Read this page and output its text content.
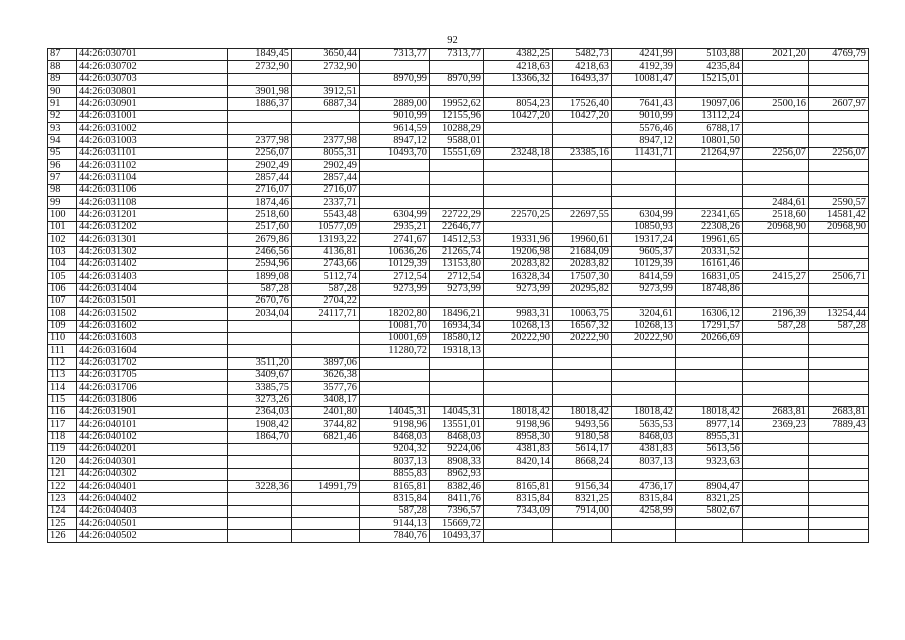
92
87	44:26:030701	1849,45	3650,44	7313,77	7313,77	4382,25	5482,73	4241,99	5103,88	2021,20	4769,79
88	44:26:030702	2732,90	2732,90			4218,63	4218,63	4192,39	4235,84		
89	44:26:030703			8970,99	8970,99	13366,32	16493,37	10081,47	15215,01		
90	44:26:030801	3901,98	3912,51								
91	44:26:030901	1886,37	6887,34	2889,00	19952,62	8054,23	17526,40	7641,43	19097,06	2500,16	2607,97
92	44:26:031001			9010,99	12155,96	10427,20	10427,20	9010,99	13112,24		
93	44:26:031002			9614,59	10288,29			5576,46	6788,17		
94	44:26:031003	2377,98	2377,98	8947,12	9588,01			8947,12	10801,50		
95	44:26:031101	2256,07	8055,31	10493,70	15551,69	23248,18	23385,16	11431,71	21264,97	2256,07	2256,07
96	44:26:031102	2902,49	2902,49								
97	44:26:031104	2857,44	2857,44								
98	44:26:031106	2716,07	2716,07								
99	44:26:031108	1874,46	2337,71							2484,61	2590,57
100	44:26:031201	2518,60	5543,48	6304,99	22722,29	22570,25	22697,55	6304,99	22341,65	2518,60	14581,42
101	44:26:031202	2517,60	10577,09	2935,21	22646,77			10850,93	22308,26	20968,90	20968,90
102	44:26:031301	2679,86	13193,22	2741,67	14512,53	19331,96	19960,61	19317,24	19961,65		
103	44:26:031302	2466,56	4136,81	10636,26	21265,74	19206,98	21684,09	9605,37	20331,52		
104	44:26:031402	2594,96	2743,66	10129,39	13153,80	20283,82	20283,82	10129,39	16161,46		
105	44:26:031403	1899,08	5112,74	2712,54	2712,54	16328,34	17507,30	8414,59	16831,05	2415,27	2506,71
106	44:26:031404	587,28	587,28	9273,99	9273,99	9273,99	20295,82	9273,99	18748,86		
107	44:26:031501	2670,76	2704,22								
108	44:26:031502	2034,04	24117,71	18202,80	18496,21	9983,31	10063,75	3204,61	16306,12	2196,39	13254,44
109	44:26:031602			10081,70	16934,34	10268,13	16567,32	10268,13	17291,57	587,28	587,28
110	44:26:031603			10001,69	18580,12	20222,90	20222,90	20222,90	20266,69		
111	44:26:031604			11280,72	19318,13						
112	44:26:031702	3511,20	3897,06								
113	44:26:031705	3409,67	3626,38								
114	44:26:031706	3385,75	3577,76								
115	44:26:031806	3273,26	3408,17								
116	44:26:031901	2364,03	2401,80	14045,31	14045,31	18018,42	18018,42	18018,42	18018,42	2683,81	2683,81
117	44:26:040101	1908,42	3744,82	9198,96	13551,01	9198,96	9493,56	5635,53	8977,14	2369,23	7889,43
118	44:26:040102	1864,70	6821,46	8468,03	8468,03	8958,30	9180,58	8468,03	8955,31		
119	44:26:040201			9204,32	9224,06	4381,83	5614,17	4381,83	5613,56		
120	44:26:040301			8037,13	8908,33	8420,14	8668,24	8037,13	9323,63		
121	44:26:040302			8855,83	8962,93						
122	44:26:040401	3228,36	14991,79	8165,81	8382,46	8165,81	9156,34	4736,17	8904,47		
123	44:26:040402			8315,84	8411,76	8315,84	8321,25	8315,84	8321,25		
124	44:26:040403			587,28	7396,57	7343,09	7914,00	4258,99	5802,67		
125	44:26:040501			9144,13	15669,72						
126	44:26:040502			7840,76	10493,37						
